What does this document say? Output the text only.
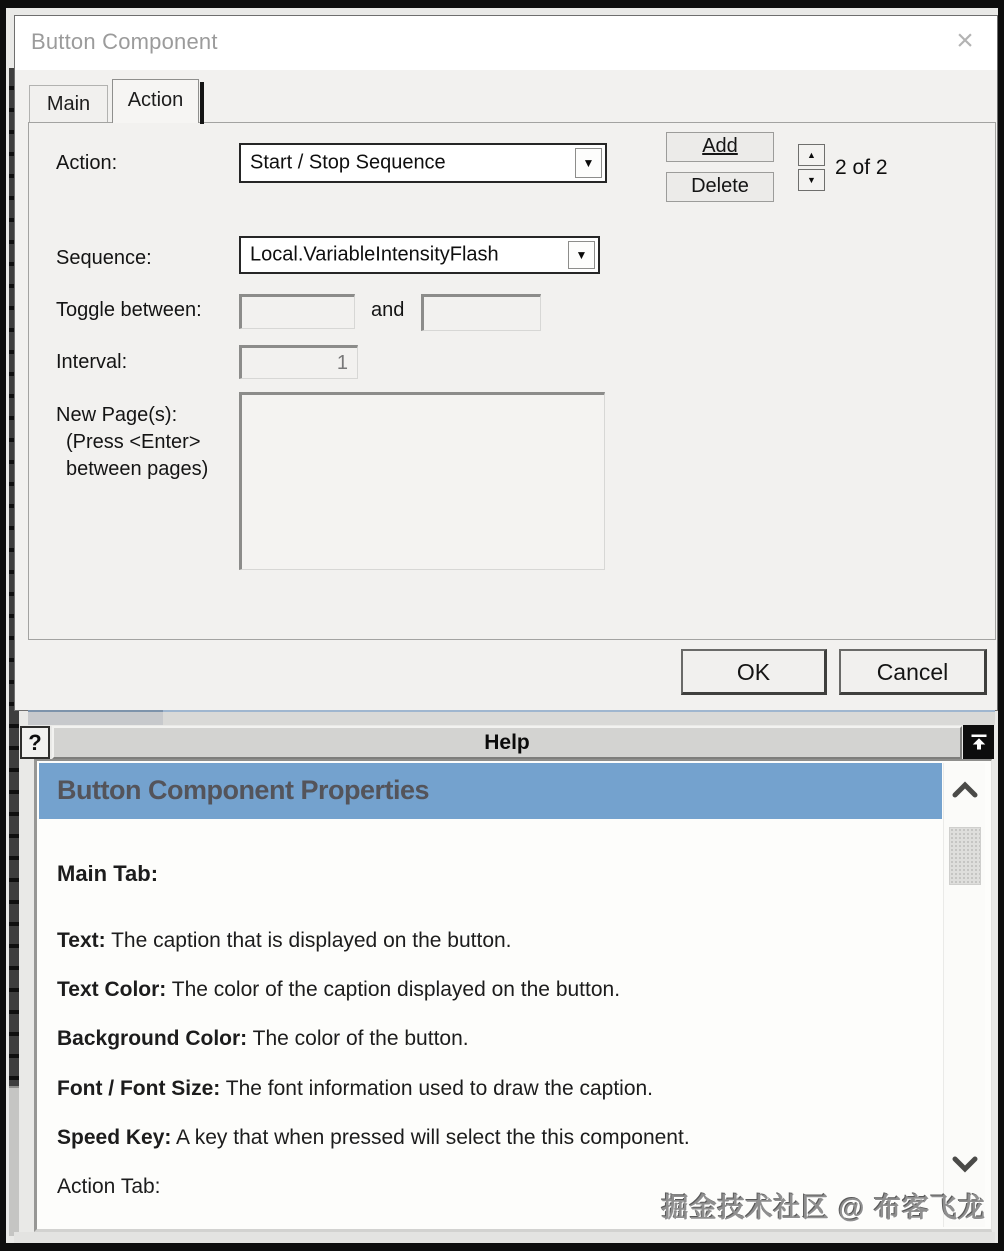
Button Component	×
Main	Action
Action:	Start / Stop Sequence	▼
Add
Delete
▲
▼
2 of 2
Sequence:	Local.VariableIntensityFlash	▼
Toggle between:	and
Interval:	1
New Page(s):
(Press <Enter>
between pages)
OK	Cancel
?	Help
Button Component Properties
Main Tab:
Text: The caption that is displayed on the button.
Text Color: The color of the caption displayed on the button.
Background Color: The color of the button.
Font / Font Size: The font information used to draw the caption.
Speed Key: A key that when pressed will select the this component.
Action Tab:
掘金技术社区 @ 布客飞龙
